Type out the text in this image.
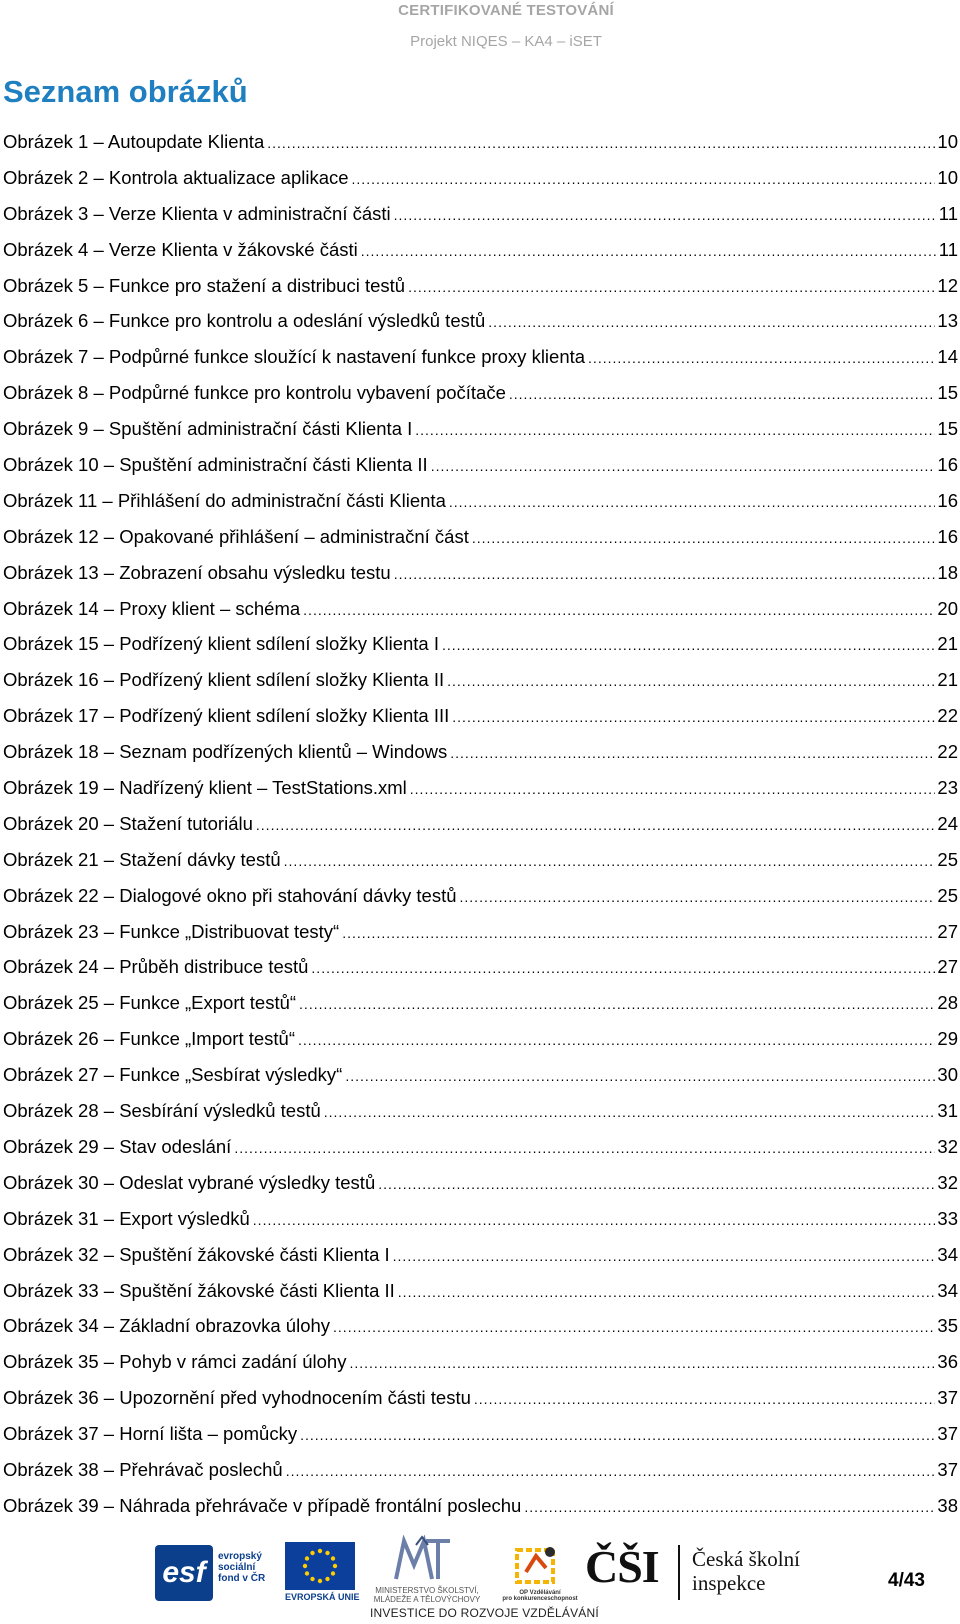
CERTIFIKOVANÉ TESTOVÁNÍ
Projekt NIQES – KA4 – iSET
Seznam obrázků
Obrázek 1 – Autoupdate Klienta .....	10
Obrázek 2 – Kontrola aktualizace aplikace .....	10
Obrázek 3 – Verze Klienta v administrační části .....	11
Obrázek 4 – Verze Klienta v žákovské části .....	11
Obrázek 5 – Funkce pro stažení a distribuci testů .....	12
Obrázek 6 – Funkce pro kontrolu a odeslání výsledků testů .....	13
Obrázek 7 – Podpůrné funkce sloužící k nastavení funkce proxy klienta .....	14
Obrázek 8 – Podpůrné funkce pro kontrolu vybavení počítače .....	15
Obrázek 9 – Spuštění administrační části Klienta I .....	15
Obrázek 10 – Spuštění administrační části Klienta II .....	16
Obrázek 11 – Přihlášení do administrační části Klienta .....	16
Obrázek 12 – Opakované přihlášení – administrační část .....	16
Obrázek 13 – Zobrazení obsahu výsledku testu .....	18
Obrázek 14 – Proxy klient – schéma .....	20
Obrázek 15 – Podřízený klient sdílení složky Klienta I .....	21
Obrázek 16 – Podřízený klient sdílení složky Klienta II .....	21
Obrázek 17 – Podřízený klient sdílení složky Klienta III .....	22
Obrázek 18 – Seznam podřízených klientů – Windows .....	22
Obrázek 19 – Nadřízený klient – TestStations.xml .....	23
Obrázek 20 – Stažení tutoriálu .....	24
Obrázek 21 – Stažení dávky testů .....	25
Obrázek 22 – Dialogové okno při stahování dávky testů .....	25
Obrázek 23 – Funkce „Distribuovat testy“ .....	27
Obrázek 24 – Průběh distribuce testů .....	27
Obrázek 25 – Funkce „Export testů“ .....	28
Obrázek 26 – Funkce „Import testů“ .....	29
Obrázek 27 – Funkce „Sesbírat výsledky“ .....	30
Obrázek 28 – Sesbírání výsledků testů .....	31
Obrázek 29 – Stav odeslání .....	32
Obrázek 30 – Odeslat vybrané výsledky testů .....	32
Obrázek 31 – Export výsledků .....	33
Obrázek 32 – Spuštění žákovské části Klienta I .....	34
Obrázek 33 – Spuštění žákovské části Klienta II .....	34
Obrázek 34 – Základní obrazovka úlohy .....	35
Obrázek 35 – Pohyb v rámci zadání úlohy .....	36
Obrázek 36 – Upozornění před vyhodnocením části testu .....	37
Obrázek 37 – Horní lišta – pomůcky .....	37
Obrázek 38 – Přehrávač poslechů .....	37
Obrázek 39 – Náhrada přehrávače v případě frontální poslechu .....	38
esf	evropský
sociální
fond v ČR
EVROPSKÁ UNIE
MINISTERSTVO ŠKOLSTVÍ,
MLÁDEŽE A TĚLOVÝCHOVY
OP Vzdělávání
pro konkurenceschopnost
ČŠI Česká školní
inspekce
INVESTICE DO ROZVOJE VZDĚLÁVÁNÍ
4/43
